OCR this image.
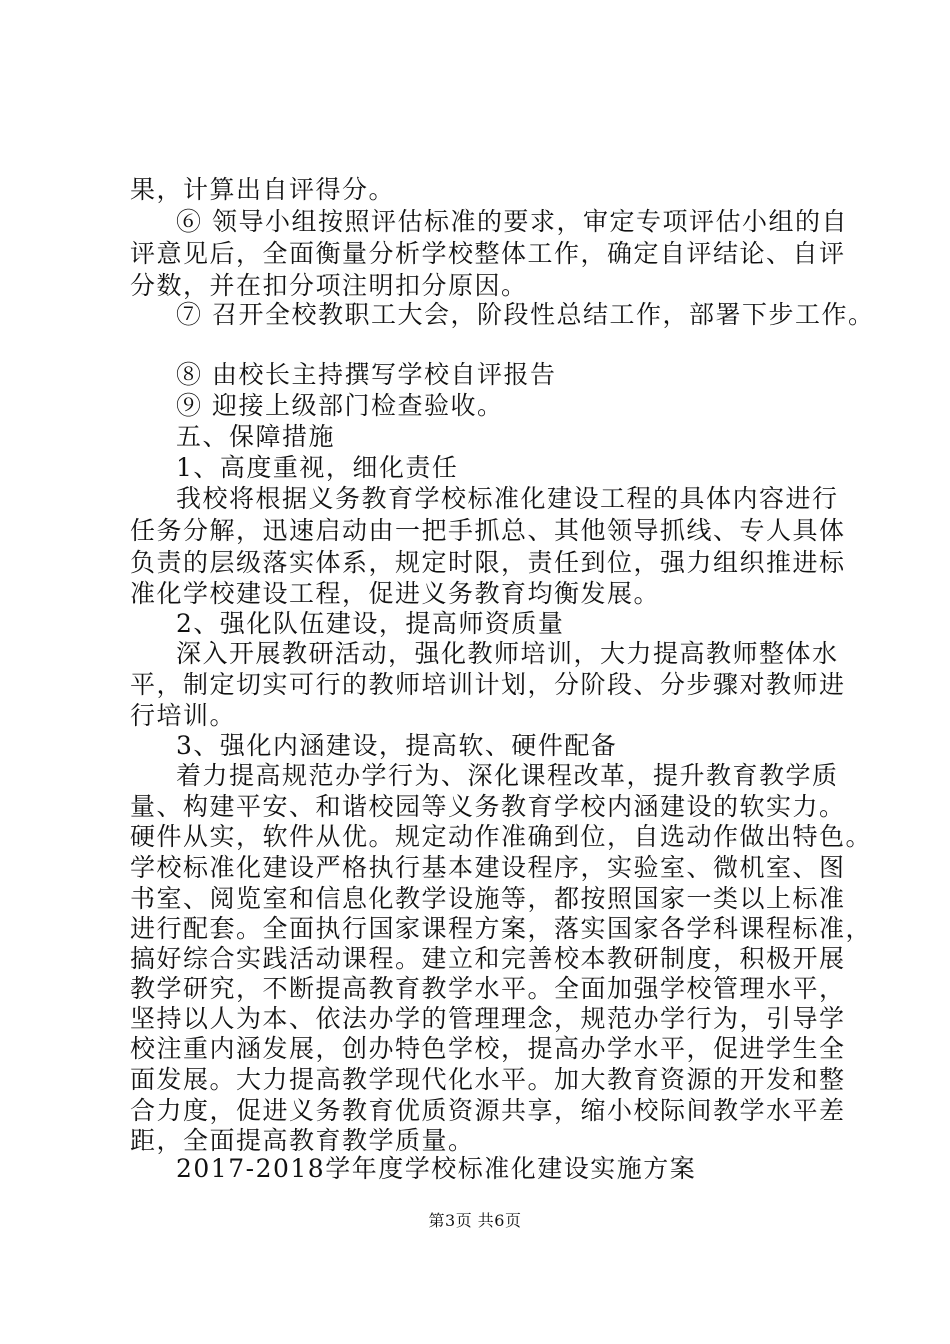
果，计算出自评得分。
⑥ 领导小组按照评估标准的要求，审定专项评估小组的自
评意见后，全面衡量分析学校整体工作，确定自评结论、自评
分数，并在扣分项注明扣分原因。
⑦ 召开全校教职工大会，阶段性总结工作，部署下步工作。
⑧ 由校长主持撰写学校自评报告
⑨ 迎接上级部门检查验收。
五、保障措施
1、高度重视，细化责任
我校将根据义务教育学校标准化建设工程的具体内容进行
任务分解，迅速启动由一把手抓总、其他领导抓线、专人具体
负责的层级落实体系，规定时限，责任到位，强力组织推进标
准化学校建设工程，促进义务教育均衡发展。
2、强化队伍建设，提高师资质量
深入开展教研活动，强化教师培训，大力提高教师整体水
平，制定切实可行的教师培训计划，分阶段、分步骤对教师进
行培训。
3、强化内涵建设，提高软、硬件配备
着力提高规范办学行为、深化课程改革，提升教育教学质
量、构建平安、和谐校园等义务教育学校内涵建设的软实力。
硬件从实，软件从优。规定动作准确到位，自选动作做出特色。
学校标准化建设严格执行基本建设程序，实验室、微机室、图
书室、阅览室和信息化教学设施等，都按照国家一类以上标准
进行配套。全面执行国家课程方案，落实国家各学科课程标准，
搞好综合实践活动课程。建立和完善校本教研制度，积极开展
教学研究，不断提高教育教学水平。全面加强学校管理水平，
坚持以人为本、依法办学的管理理念，规范办学行为，引导学
校注重内涵发展，创办特色学校，提高办学水平，促进学生全
面发展。大力提高教学现代化水平。加大教育资源的开发和整
合力度，促进义务教育优质资源共享，缩小校际间教学水平差
距，全面提高教育教学质量。
2017-2018学年度学校标准化建设实施方案
第3页 共6页
